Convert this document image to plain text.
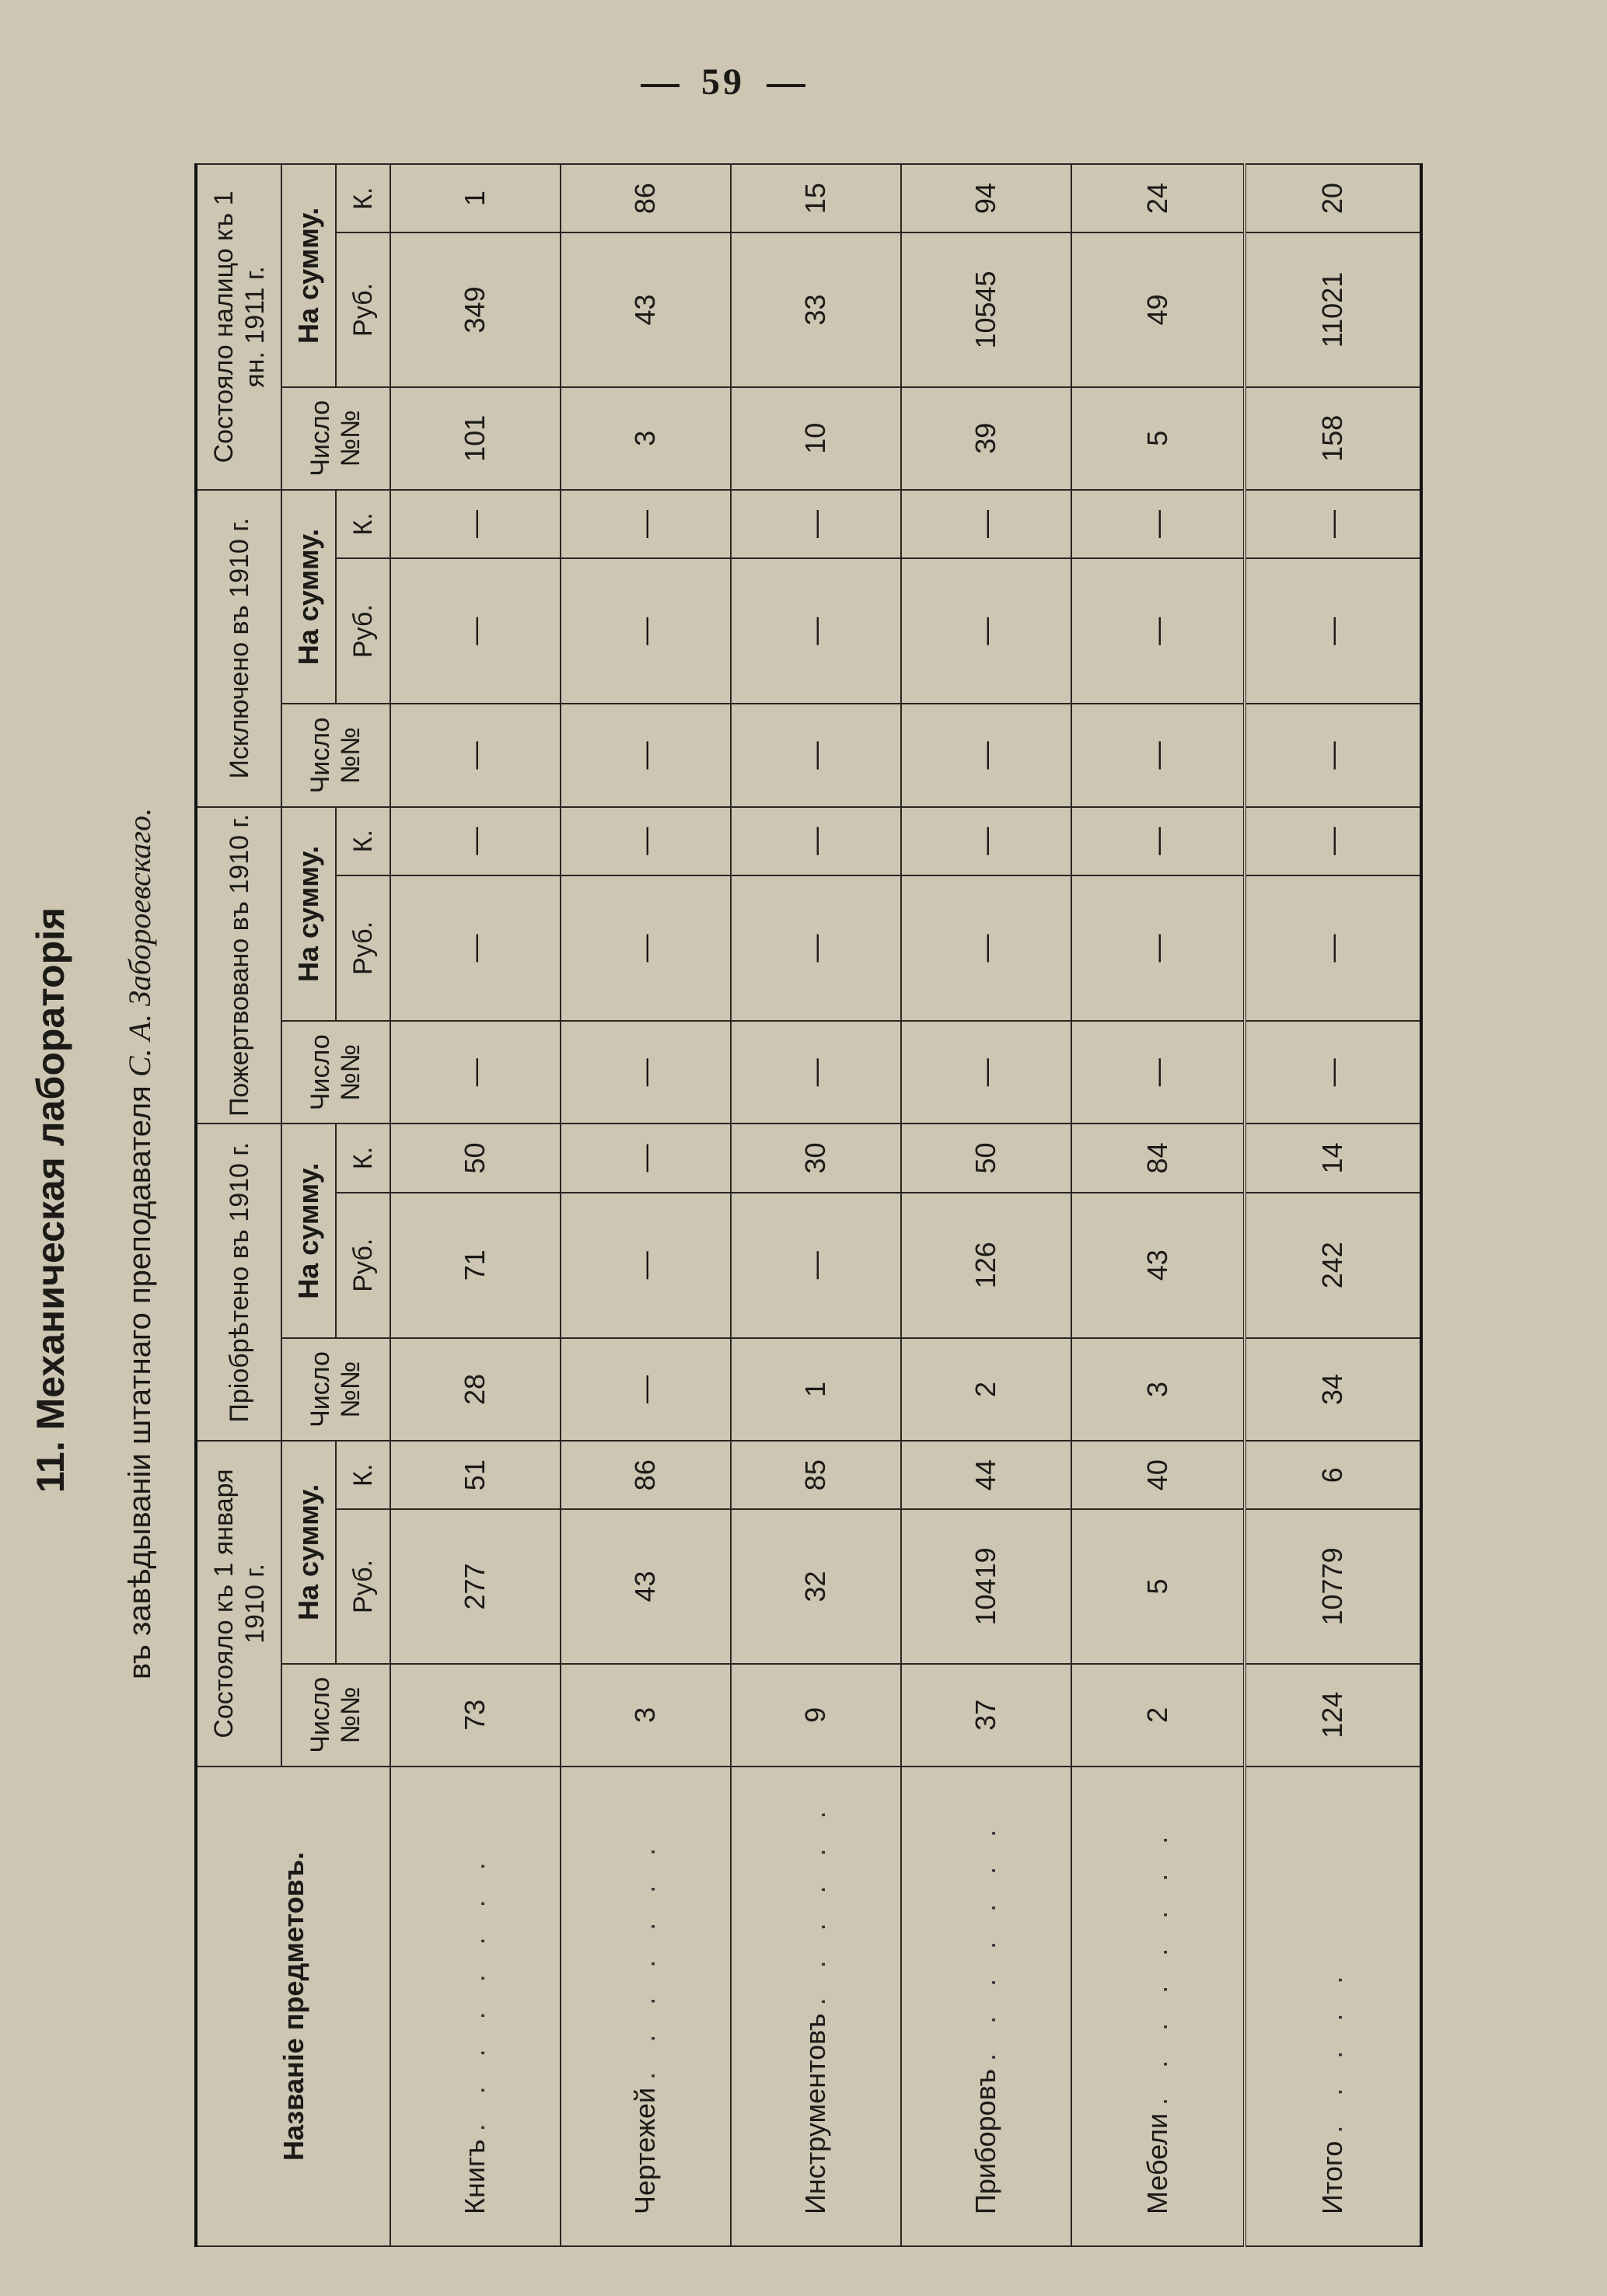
59
11. Механическая лабораторія въ завѣдываніи штатнаго преподавателя С. А. Забороевскаго.
Названіе предметовъ.	Состояло къ 1 января 1910 г.			Пріобрѣтено въ 1910 г.			Пожертвовано въ 1910 г.			Исключено въ 1910 г.			Состояло налицо къ 1 ян. 1911 г.		
	Число №№	На сумму.		Число №№	На сумму.		Число №№	На сумму.		Число №№	На сумму.		Число №№	На сумму.	
		Руб.	К.		Руб.	К.		Руб.	К.		Руб.	К.		Руб.	К.
Книгъ . . . . . . . .	73	277	51	28	71	50	—	—	—	—	—	—	101	349	1
Чертежей . . . . . . .	3	43	86	—	—	—	—	—	—	—	—	—	3	43	86
Инструментовъ . . . . . .	9	32	85	1	—	30	—	—	—	—	—	—	10	33	15
Приборовъ . . . . . . .	37	10419	44	2	126	50	—	—	—	—	—	—	39	10545	94
Мебели . . . . . . . .	2	5	40	3	43	84	—	—	—	—	—	—	5	49	24
Итого . . . . .	124	10779	6	34	242	14	—	—	—	—	—	—	158	11021	20
